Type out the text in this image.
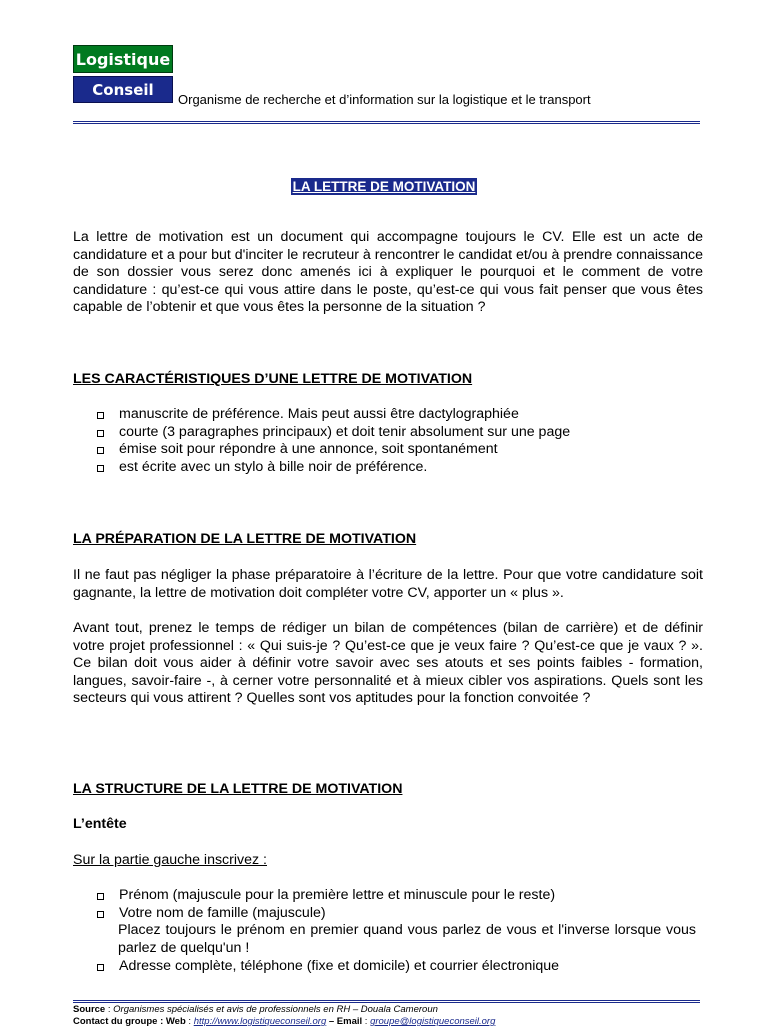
Logistique
Conseil
Organisme de recherche et d’information sur la logistique et le transport
LA LETTRE DE MOTIVATION
La lettre de motivation est un document qui accompagne toujours le CV. Elle est un acte de candidature et a pour but d'inciter le recruteur à rencontrer le candidat et/ou à prendre connaissance de son dossier vous serez donc amenés ici à expliquer le pourquoi et le comment de votre candidature : qu’est-ce qui vous attire dans le poste, qu’est-ce qui vous fait penser que vous êtes capable de l’obtenir et que vous êtes la personne de la situation ?
LES CARACTÉRISTIQUES D’UNE LETTRE DE MOTIVATION
manuscrite de préférence. Mais peut aussi être dactylographiée
courte (3 paragraphes principaux) et doit tenir absolument sur une page
émise soit pour répondre à une annonce, soit spontanément
est écrite avec un stylo à bille noir de préférence.
LA PRÉPARATION DE LA LETTRE DE MOTIVATION
Il ne faut pas négliger la phase préparatoire à l’écriture de la lettre. Pour que votre candidature soit gagnante, la lettre de motivation doit compléter votre CV, apporter un « plus ».
Avant tout, prenez le temps de rédiger un bilan de compétences (bilan de carrière) et de définir votre projet professionnel : « Qui suis-je ? Qu’est-ce que je veux faire ? Qu’est-ce que je vaux ? ». Ce bilan doit vous aider à définir votre savoir avec ses atouts et ses points faibles - formation, langues, savoir-faire -, à cerner votre personnalité et à mieux cibler vos aspirations. Quels sont les secteurs qui vous attirent ? Quelles sont vos aptitudes pour la fonction convoitée ?
LA STRUCTURE DE LA LETTRE DE MOTIVATION
L’entête
Sur la partie gauche inscrivez :
Prénom (majuscule pour la première lettre et minuscule pour le reste)
Votre nom de famille (majuscule)
Placez toujours le prénom en premier quand vous parlez de vous et l'inverse lorsque vous parlez de quelqu'un !
Adresse complète, téléphone (fixe et domicile) et courrier électronique
Source : Organismes spécialisés et avis de professionnels en RH – Douala Cameroun
Contact du groupe : Web : http://www.logistiqueconseil.org – Email : groupe@logistiqueconseil.org
